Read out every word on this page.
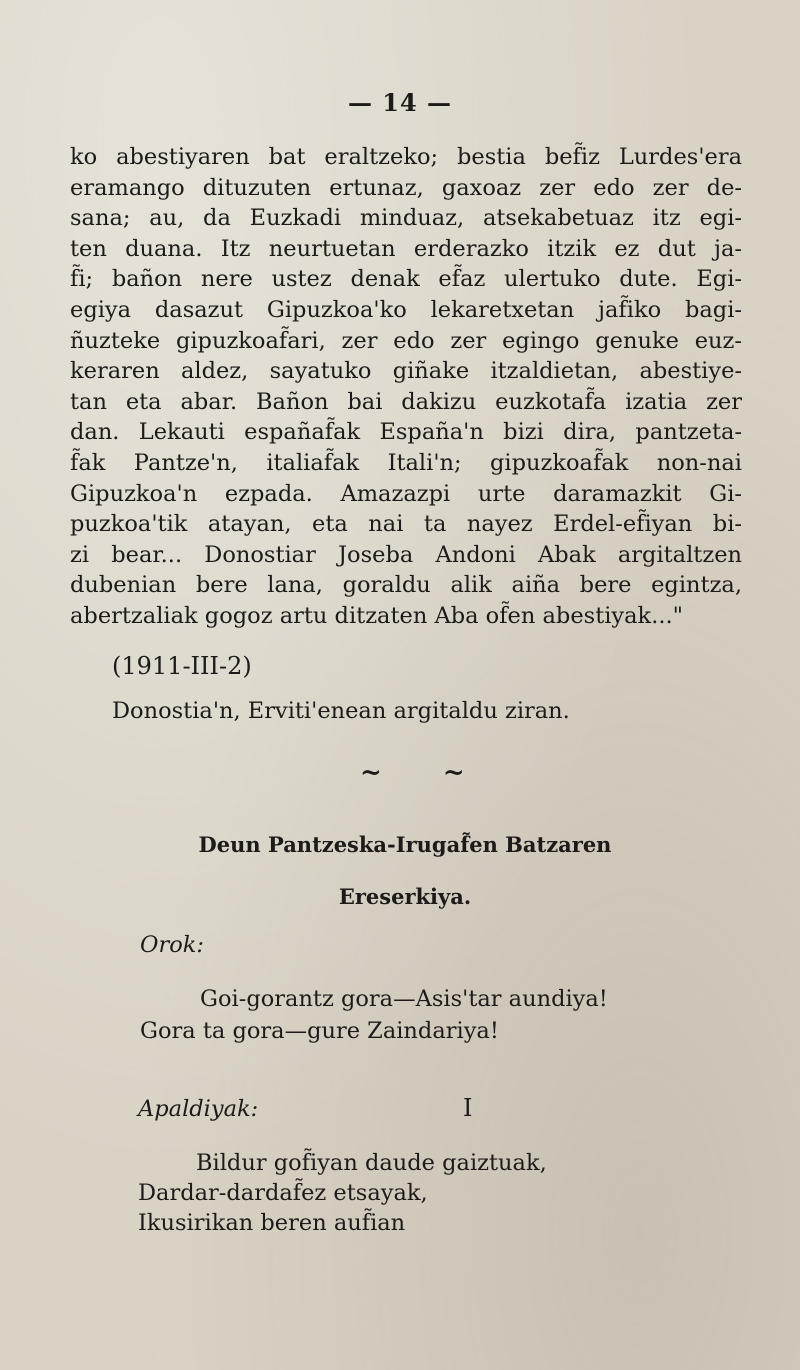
— 14 —
ko abestiyaren bat eraltzeko; bestia bef̃iz Lurdes'era
eramango dituzuten ertunaz, gaxoaz zer edo zer de-
sana; au, da Euzkadi minduaz, atsekabetuaz itz egi-
ten duana. Itz neurtuetan erderazko itzik ez dut ja-
f̃i; bañon nere ustez denak ef̃az ulertuko dute. Egi-
egiya dasazut Gipuzkoa'ko lekaretxetan jaf̃iko bagi-
ñuzteke gipuzkoaf̃ari, zer edo zer egingo genuke euz-
keraren aldez, sayatuko giñake itzaldietan, abestiye-
tan eta abar. Bañon bai dakizu euzkotaf̃a izatia zer
dan. Lekauti españaf̃ak España'n bizi dira, pantzeta-
f̃ak Pantze'n, italiaf̃ak Itali'n; gipuzkoaf̃ak non-nai
Gipuzkoa'n ezpada. Amazazpi urte daramazkit Gi-
puzkoa'tik atayan, eta nai ta nayez Erdel-ef̃iyan bi-
zi bear... Donostiar Joseba Andoni Abak argitaltzen
dubenian bere lana, goraldu alik aiña bere egintza,
abertzaliak gogoz artu ditzaten Aba of̃en abestiyak..."
(1911-III-2)
Donostia'n, Erviti'enean argitaldu ziran.
~ ~
Deun Pantzeska-Irugaf̃en Batzaren
Ereserkiya.
Orok:
Goi-gorantz gora—Asis'tar aundiya!
Gora ta gora—gure Zaindariya!
Apaldiyak:	I
Bildur gof̃iyan daude gaiztuak,
Dardar-dardaf̃ez etsayak,
Ikusirikan beren auf̃ian
